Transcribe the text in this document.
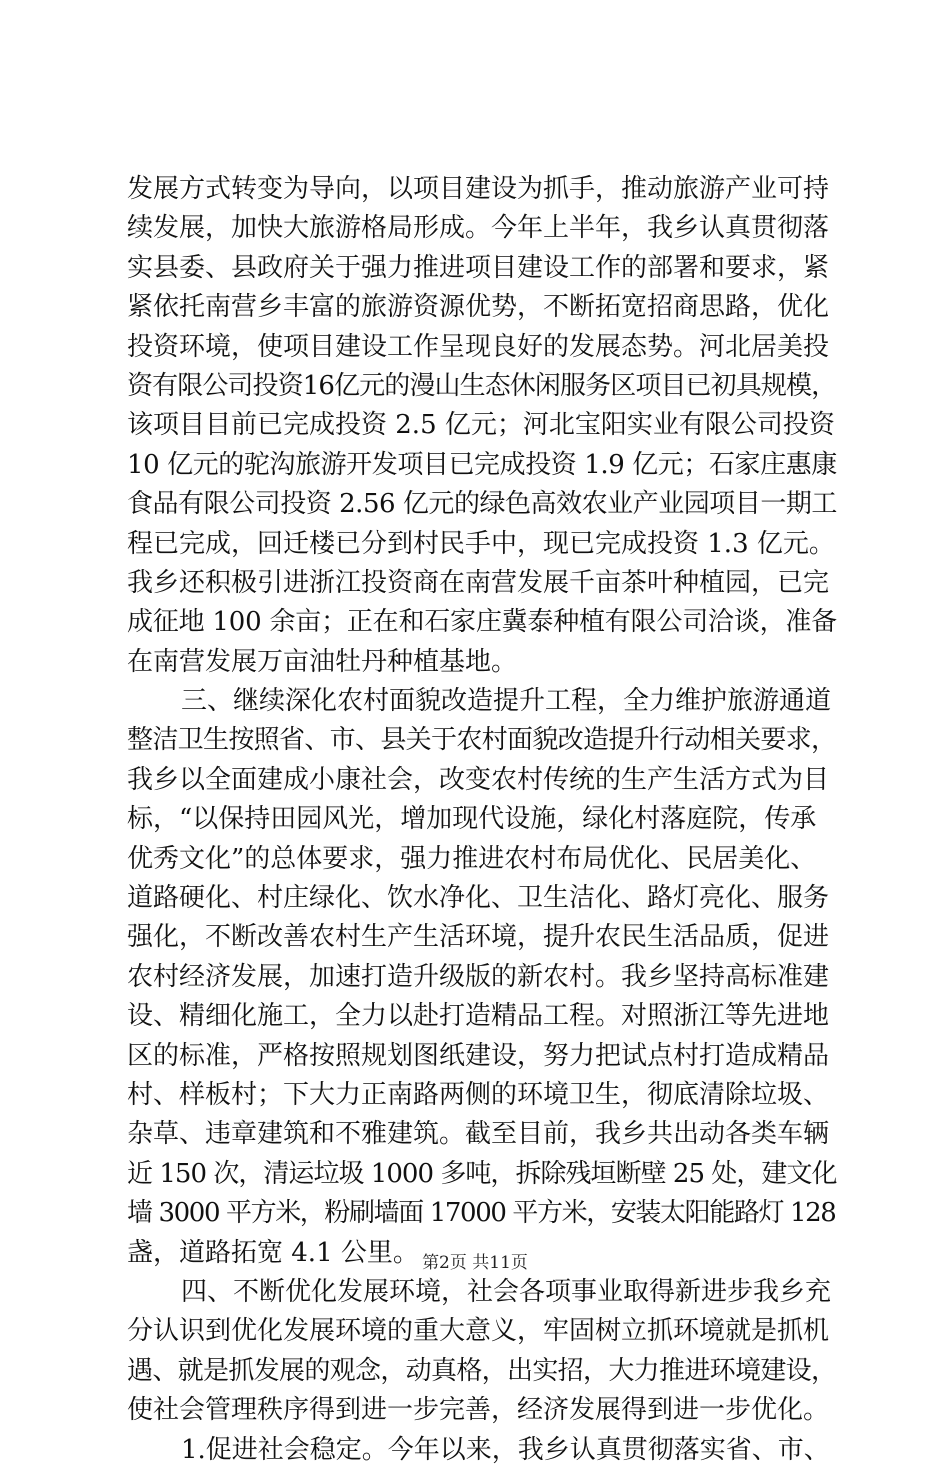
发展方式转变为导向，以项目建设为抓手，推动旅游产业可持
续发展，加快大旅游格局形成。今年上半年，我乡认真贯彻落
实县委、县政府关于强力推进项目建设工作的部署和要求，紧
紧依托南营乡丰富的旅游资源优势，不断拓宽招商思路，优化
投资环境，使项目建设工作呈现良好的发展态势。河北居美投
资有限公司投资16亿元的漫山生态休闲服务区项目已初具规模，
该项目目前已完成投资 2.5 亿元；河北宝阳实业有限公司投资
10 亿元的驼沟旅游开发项目已完成投资 1.9 亿元；石家庄惠康
食品有限公司投资 2.56 亿元的绿色高效农业产业园项目一期工
程已完成，回迁楼已分到村民手中，现已完成投资 1.3 亿元。
我乡还积极引进浙江投资商在南营发展千亩茶叶种植园，已完
成征地 100 余亩；正在和石家庄冀泰种植有限公司洽谈，准备
在南营发展万亩油牡丹种植基地。
三、继续深化农村面貌改造提升工程，全力维护旅游通道
整洁卫生按照省、市、县关于农村面貌改造提升行动相关要求，
我乡以全面建成小康社会，改变农村传统的生产生活方式为目
标，“以保持田园风光，增加现代设施，绿化村落庭院，传承
优秀文化”的总体要求，强力推进农村布局优化、民居美化、
道路硬化、村庄绿化、饮水净化、卫生洁化、路灯亮化、服务
强化，不断改善农村生产生活环境，提升农民生活品质，促进
农村经济发展，加速打造升级版的新农村。我乡坚持高标准建
设、精细化施工，全力以赴打造精品工程。对照浙江等先进地
区的标准，严格按照规划图纸建设，努力把试点村打造成精品
村、样板村；下大力正南路两侧的环境卫生，彻底清除垃圾、
杂草、违章建筑和不雅建筑。截至目前，我乡共出动各类车辆
近 150 次，清运垃圾 1000 多吨，拆除残垣断壁 25 处，建文化
墙 3000 平方米，粉刷墙面 17000 平方米，安装太阳能路灯 128
盏，道路拓宽 4.1 公里。
四、不断优化发展环境，社会各项事业取得新进步我乡充
分认识到优化发展环境的重大意义，牢固树立抓环境就是抓机
遇、就是抓发展的观念，动真格，出实招，大力推进环境建设，
使社会管理秩序得到进一步完善，经济发展得到进一步优化。
1.促进社会稳定。今年以来，我乡认真贯彻落实省、市、
第2页 共11页
